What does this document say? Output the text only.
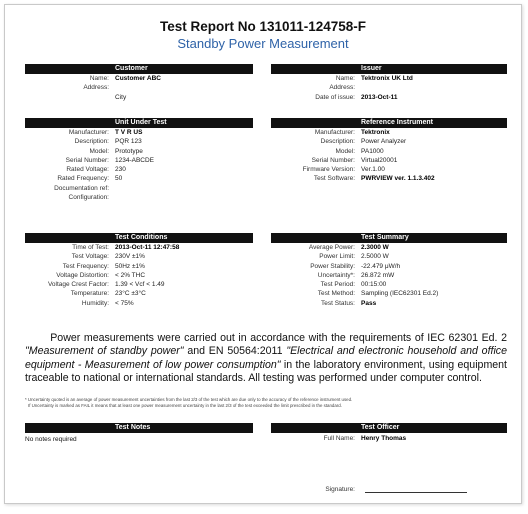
Test Report No 131011-124758-F
Standby Power Measurement
Customer
Name: Customer ABC
Address:
City
Issuer
Name: Tektronix UK Ltd
Address:
Date of issue: 2013-Oct-11
Unit Under Test
Manufacturer: T V R US
Description: PQR 123
Model: Prototype
Serial Number: 1234-ABCDE
Rated Voltage: 230
Rated Frequency: 50
Documentation ref:
Configuration:
Reference Instrument
Manufacturer: Tektronix
Description: Power Analyzer
Model: PA1000
Serial Number: Virtual20001
Firmware Version: Ver.1.00
Test Software: PWRVIEW ver. 1.1.3.402
Test Conditions
Time of Test: 2013-Oct-11 12:47:58
Test Voltage: 230V ±1%
Test Frequency: 50Hz ±1%
Voltage Distortion: < 2% THC
Voltage Crest Factor: 1.39 < Vcf < 1.49
Temperature: 23°C ±3°C
Humidity: < 75%
Test Summary
Average Power: 2.3000 W
Power Limit: 2.5000 W
Power Stability: -22.479 μW/h
Uncertainty*: 26.872 mW
Test Period: 00:15:00
Test Method: Sampling (IEC62301 Ed.2)
Test Status: Pass
Power measurements were carried out in accordance with the requirements of IEC 62301 Ed. 2 "Measurement of standby power" and EN 50564:2011 "Electrical and electronic household and office equipment - Measurement of low power consumption" in the laboratory environment, using equipment traceable to national or international standards. All testing was performed under computer control.
* Uncertainty quoted is an average of power measurement uncertainties from the last 2/3 of the test which are due only to the accuracy of the reference instrument used.
If Uncertainty is marked as FAIL it means that at least one power measurement uncertainty in the last 2/3 of the test exceeded the limit prescribed in the standard.
Test Notes
No notes required
Test Officer
Full Name: Henry Thomas
Signature:
